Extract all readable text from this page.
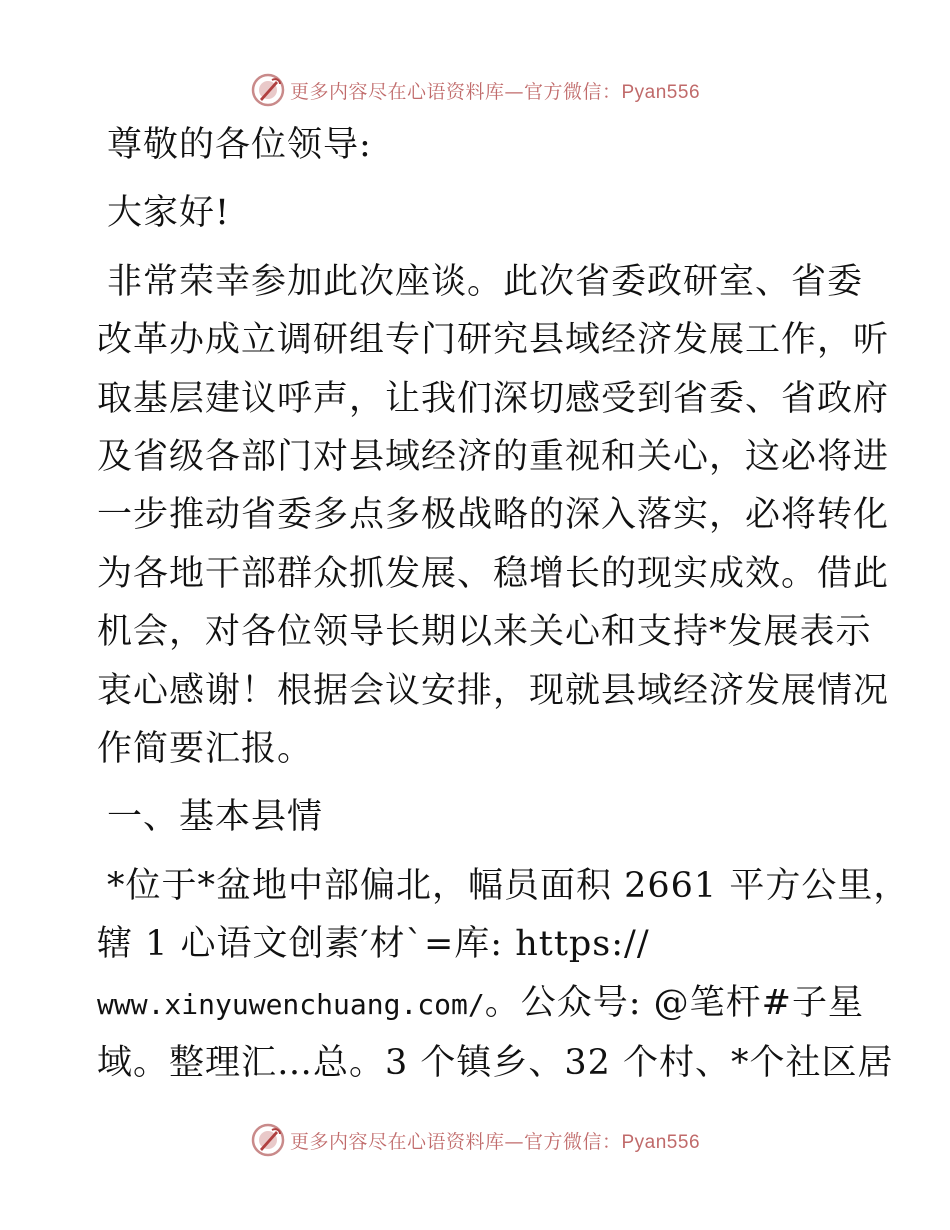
更多内容尽在心语资料库—官方微信：Pyan556
尊敬的各位领导:
大家好!
非常荣幸参加此次座谈。此次省委政研室、省委
改革办成立调研组专门研究县域经济发展工作，听
取基层建议呼声，让我们深切感受到省委、省政府
及省级各部门对县域经济的重视和关心，这必将进
一步推动省委多点多极战略的深入落实，必将转化
为各地干部群众抓发展、稳增长的现实成效。借此
机会，对各位领导长期以来关心和支持*发展表示
衷心感谢！根据会议安排，现就县域经济发展情况
作简要汇报。
一、基本县情
*位于*盆地中部偏北，幅员面积 2661 平方公里，
辖 1 心语文创素′材`=库: https://
www.xinyuwenchuang.com/。公众号: @笔杆#子星
域。整理汇…总。3 个镇乡、32 个村、*个社区居
更多内容尽在心语资料库—官方微信：Pyan556
